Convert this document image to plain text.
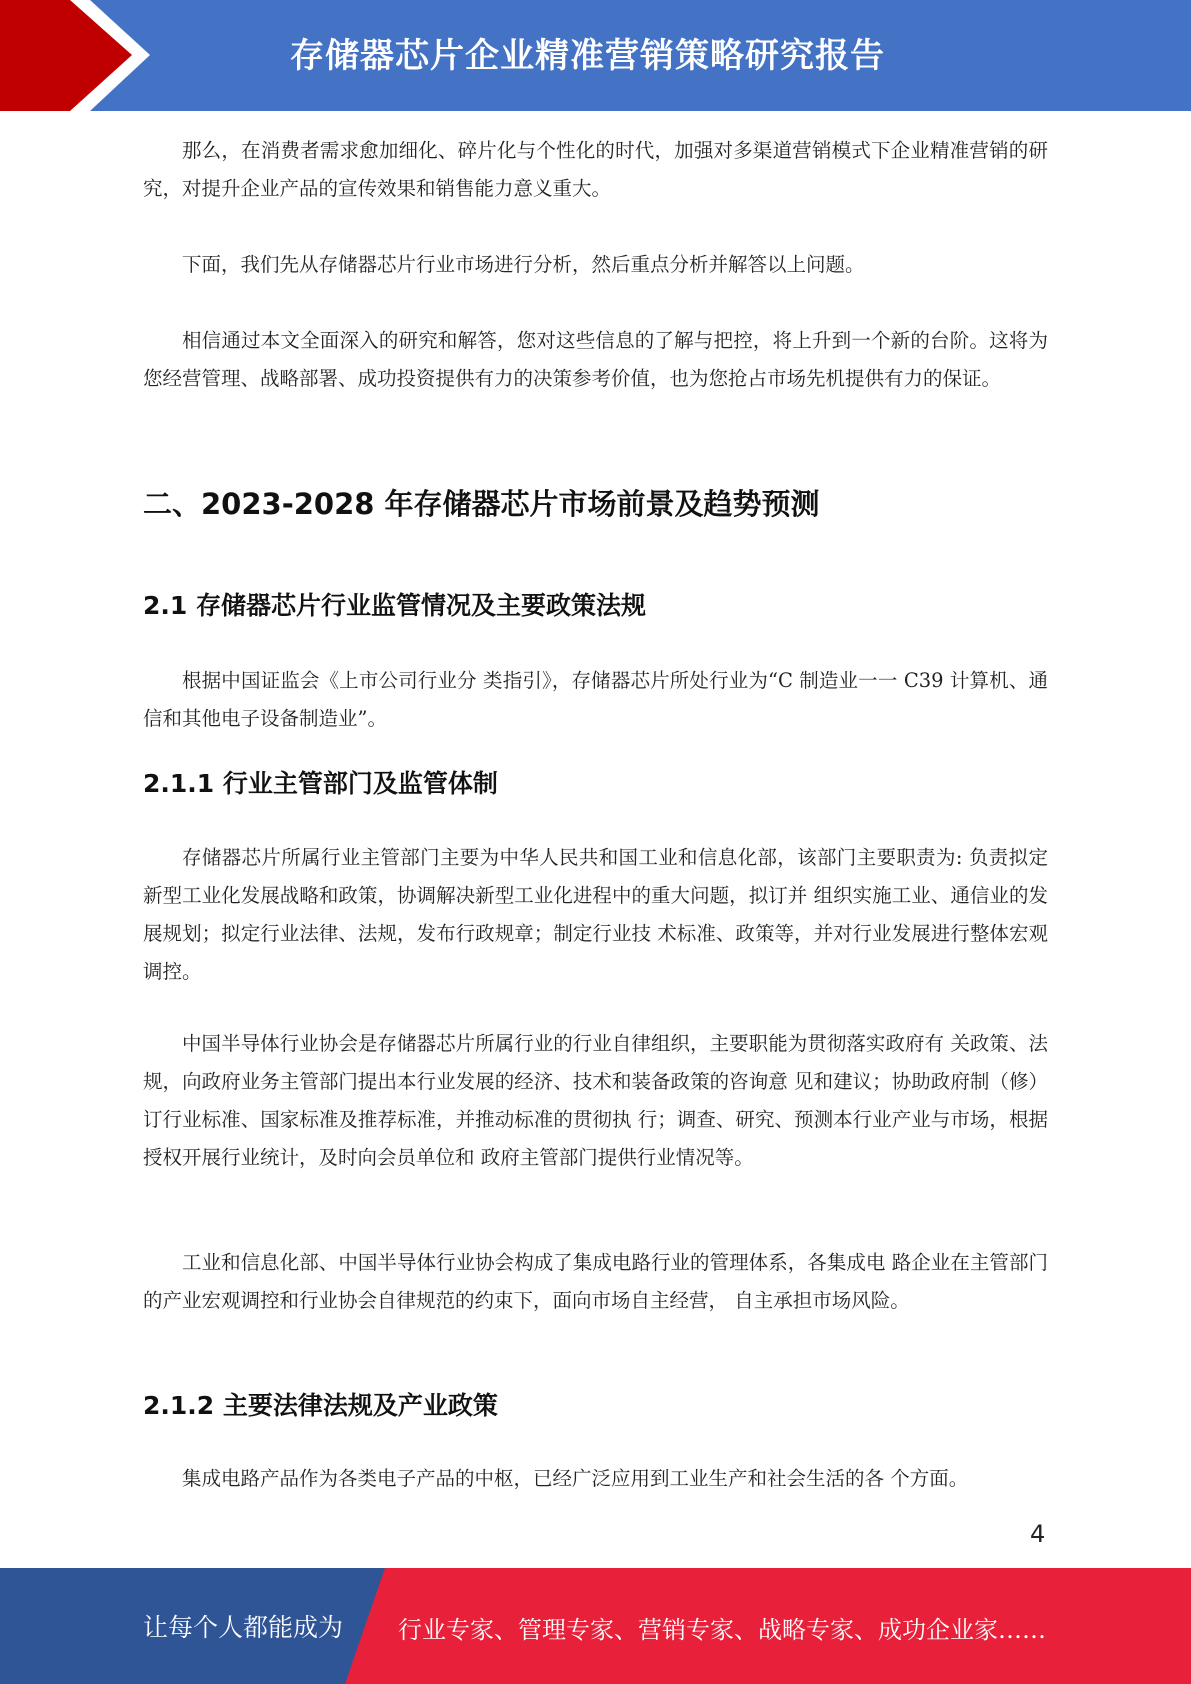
存储器芯片企业精准营销策略研究报告

那么，在消费者需求愈加细化、碎片化与个性化的时代，加强对多渠道营销模式下企业精准营销的研究，对提升企业产品的宣传效果和销售能力意义重大。

下面，我们先从存储器芯片行业市场进行分析，然后重点分析并解答以上问题。

相信通过本文全面深入的研究和解答，您对这些信息的了解与把控，将上升到一个新的台阶。这将为您经营管理、战略部署、成功投资提供有力的决策参考价值，也为您抢占市场先机提供有力的保证。

二、2023-2028 年存储器芯片市场前景及趋势预测
2.1 存储器芯片行业监管情况及主要政策法规

根据中国证监会《上市公司行业分 类指引》，存储器芯片所处行业为“C 制造业一一 C39 计算机、通信和其他电子设备制造业”。

2.1.1 行业主管部门及监管体制

存储器芯片所属行业主管部门主要为中华人民共和国工业和信息化部，该部门主要职责为: 负责拟定新型工业化发展战略和政策，协调解决新型工业化进程中的重大问题，拟订并 组织实施工业、通信业的发展规划；拟定行业法律、法规，发布行政规章；制定行业技 术标准、政策等，并对行业发展进行整体宏观调控。

中国半导体行业协会是存储器芯片所属行业的行业自律组织，主要职能为贯彻落实政府有 关政策、法规，向政府业务主管部门提出本行业发展的经济、技术和装备政策的咨询意 见和建议；协助政府制（修）订行业标准、国家标准及推荐标准，并推动标准的贯彻执 行；调查、研究、预测本行业产业与市场，根据授权开展行业统计，及时向会员单位和 政府主管部门提供行业情况等。

工业和信息化部、中国半导体行业协会构成了集成电路行业的管理体系，各集成电 路企业在主管部门的产业宏观调控和行业协会自律规范的约束下，面向市场自主经营， 自主承担市场风险。

2.1.2 主要法律法规及产业政策

集成电路产品作为各类电子产品的中枢，已经广泛应用到工业生产和社会生活的各 个方面。

4
让每个人都能成为 行业专家、管理专家、营销专家、战略专家、成功企业家……
